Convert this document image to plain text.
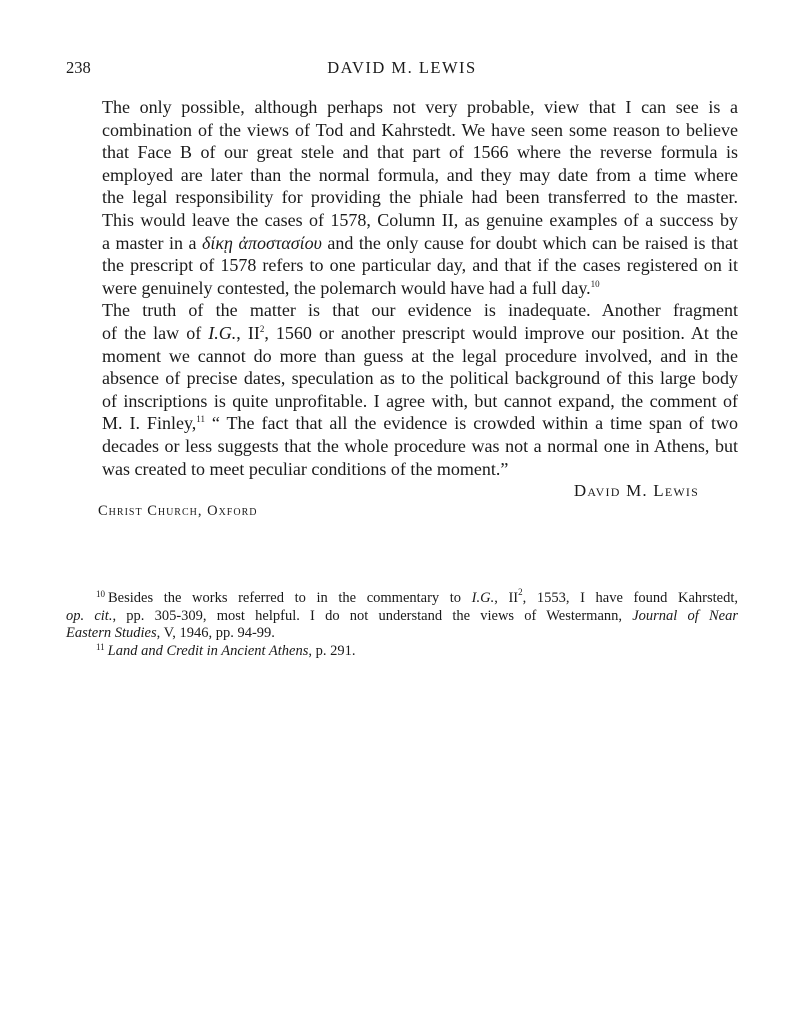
238	DAVID M. LEWIS

The only possible, although perhaps not very probable, view that I can see is a
combination of the views of Tod and Kahrstedt. We have seen some reason to believe
that Face B of our great stele and that part of 1566 where the reverse formula is
employed are later than the normal formula, and they may date from a time where
the legal responsibility for providing the phiale had been transferred to the master.
This would leave the cases of 1578, Column II, as genuine examples of a success by
a master in a δίκῃ ἀποστασίου and the only cause for doubt which can be raised is that
the prescript of 1578 refers to one particular day, and that if the cases registered on it
were genuinely contested, the polemarch would have had a full day.$^{10}$

The truth of the matter is that our evidence is inadequate. Another fragment
of the law of I.G., $II^2$, 1560 or another prescript would improve our position. At the
moment we cannot do more than guess at the legal procedure involved, and in the
absence of precise dates, speculation as to the political background of this large body
of inscriptions is quite unprofitable. I agree with, but cannot expand, the comment of
M. I. Finley,$^{11}$ “ The fact that all the evidence is crowded within a time span of two
decades or less suggests that the whole procedure was not a normal one in Athens, but
was created to meet peculiar conditions of the moment.”

David M. Lewis
Christ Church, Oxford

$^{10}$ Besides the works referred to in the commentary to I.G., $II^2$, 1553, I have found Kahrstedt,
op. cit., pp. 305-309, most helpful. I do not understand the views of Westermann, Journal of Near
Eastern Studies, V, 1946, pp. 94-99.

$^{11}$ Land and Credit in Ancient Athens, p. 291.
